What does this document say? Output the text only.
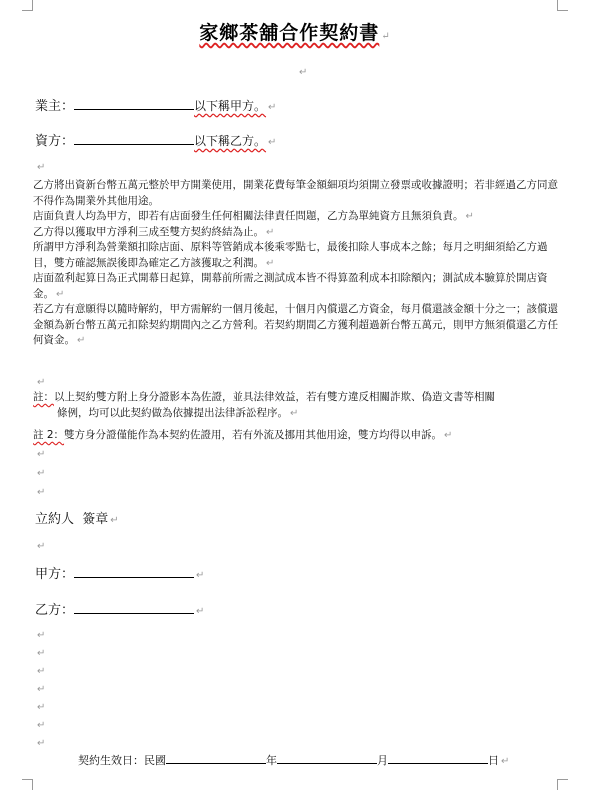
家鄉茶舖合作契約書 ↵
↵
業主：	以下稱甲方。 ↵
資方：	以下稱乙方。 ↵
↵

乙方將出資新台幣五萬元整於甲方開業使用，開業花費每筆金額細項均須開立發票或收據證明；若非經過乙方同意不得作為開業外其他用途。

店面負責人均為甲方，即若有店面發生任何相關法律責任問題，乙方為單純資方且無須負責。 ↵

乙方得以獲取甲方淨利三成至雙方契約終結為止。 ↵

所謂甲方淨利為營業額扣除店面、原料等管銷成本後乘零點七，最後扣除人事成本之餘；每月之明細須給乙方過目，雙方確認無誤後即為確定乙方該獲取之利潤。 ↵

店面盈利起算日為正式開幕日起算，開幕前所需之測試成本皆不得算盈利成本扣除額內；測試成本驗算於開店資金。 ↵

若乙方有意願得以隨時解約，甲方需解約一個月後起，十個月內償還乙方資金，每月償還該金額十分之一；該償還金額為新台幣五萬元扣除契約期間內之乙方營利。若契約期間乙方獲利超過新台幣五萬元，則甲方無須償還乙方任何資金。 ↵

↵
註：以上契約雙方附上身分證影本為佐證，並具法律效益，若有雙方違反相關詐欺、偽造文書等相關
條例，均可以此契約做為依據提出法律訴訟程序。 ↵
註 2：雙方身分證僅能作為本契約佐證用，若有外流及挪用其他用途，雙方均得以申訴。 ↵
↵
↵
↵
立約人  簽章 ↵
↵
甲方：	↵
乙方：	↵
↵
↵
↵
↵
↵
↵
↵
契約生效日：民國	年	月	日 ↵
